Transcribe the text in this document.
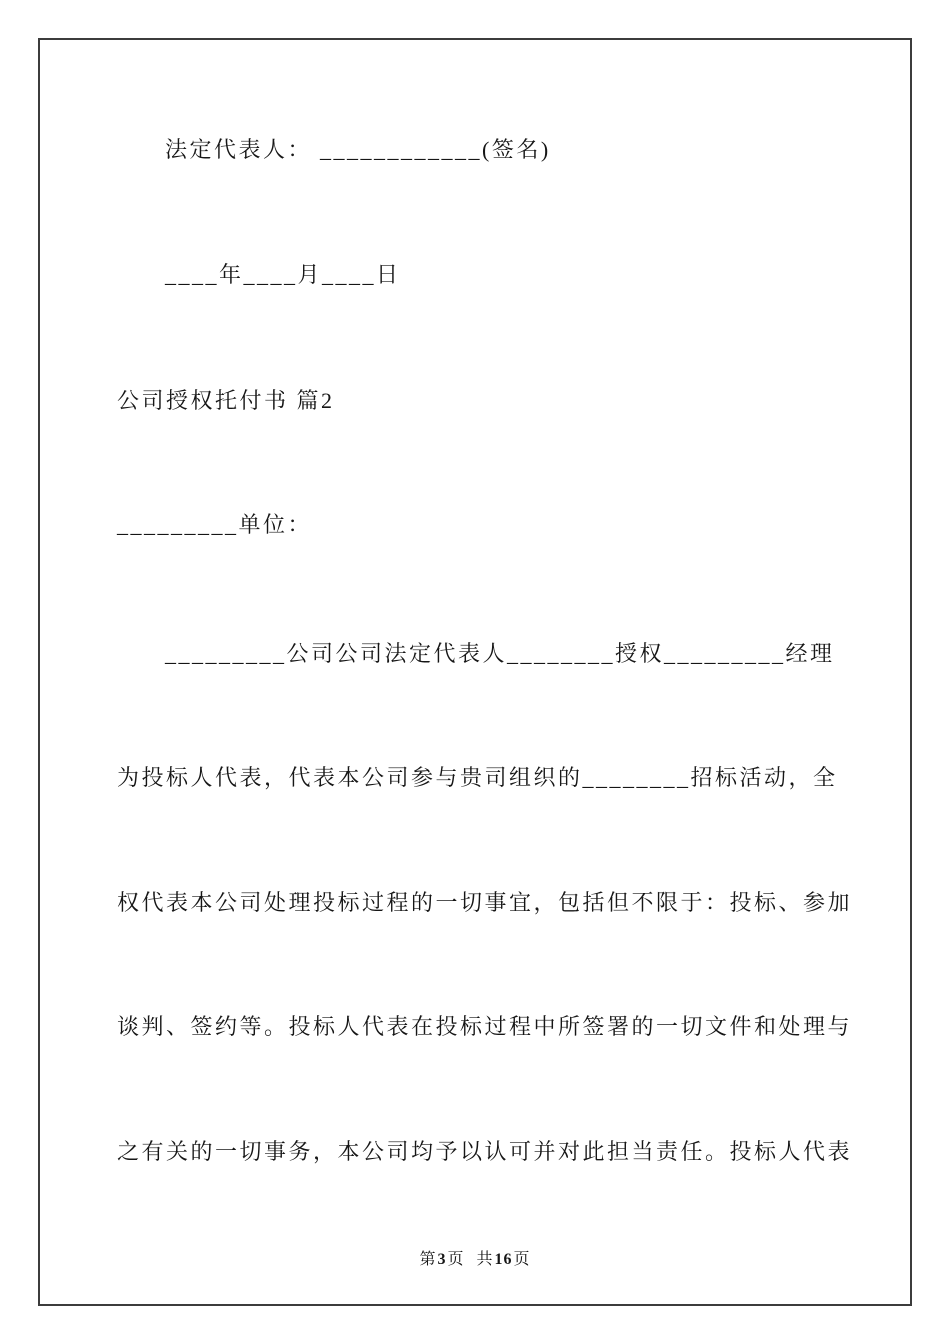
法定代表人： ____________(签名)
____年____月____日
公司授权托付书 篇2
_________单位：
_________公司公司法定代表人________授权_________经理
为投标人代表，代表本公司参与贵司组织的________招标活动，全
权代表本公司处理投标过程的一切事宜，包括但不限于：投标、参加
谈判、签约等。投标人代表在投标过程中所签署的一切文件和处理与
之有关的一切事务，本公司均予以认可并对此担当责任。投标人代表
第3页 共16页
